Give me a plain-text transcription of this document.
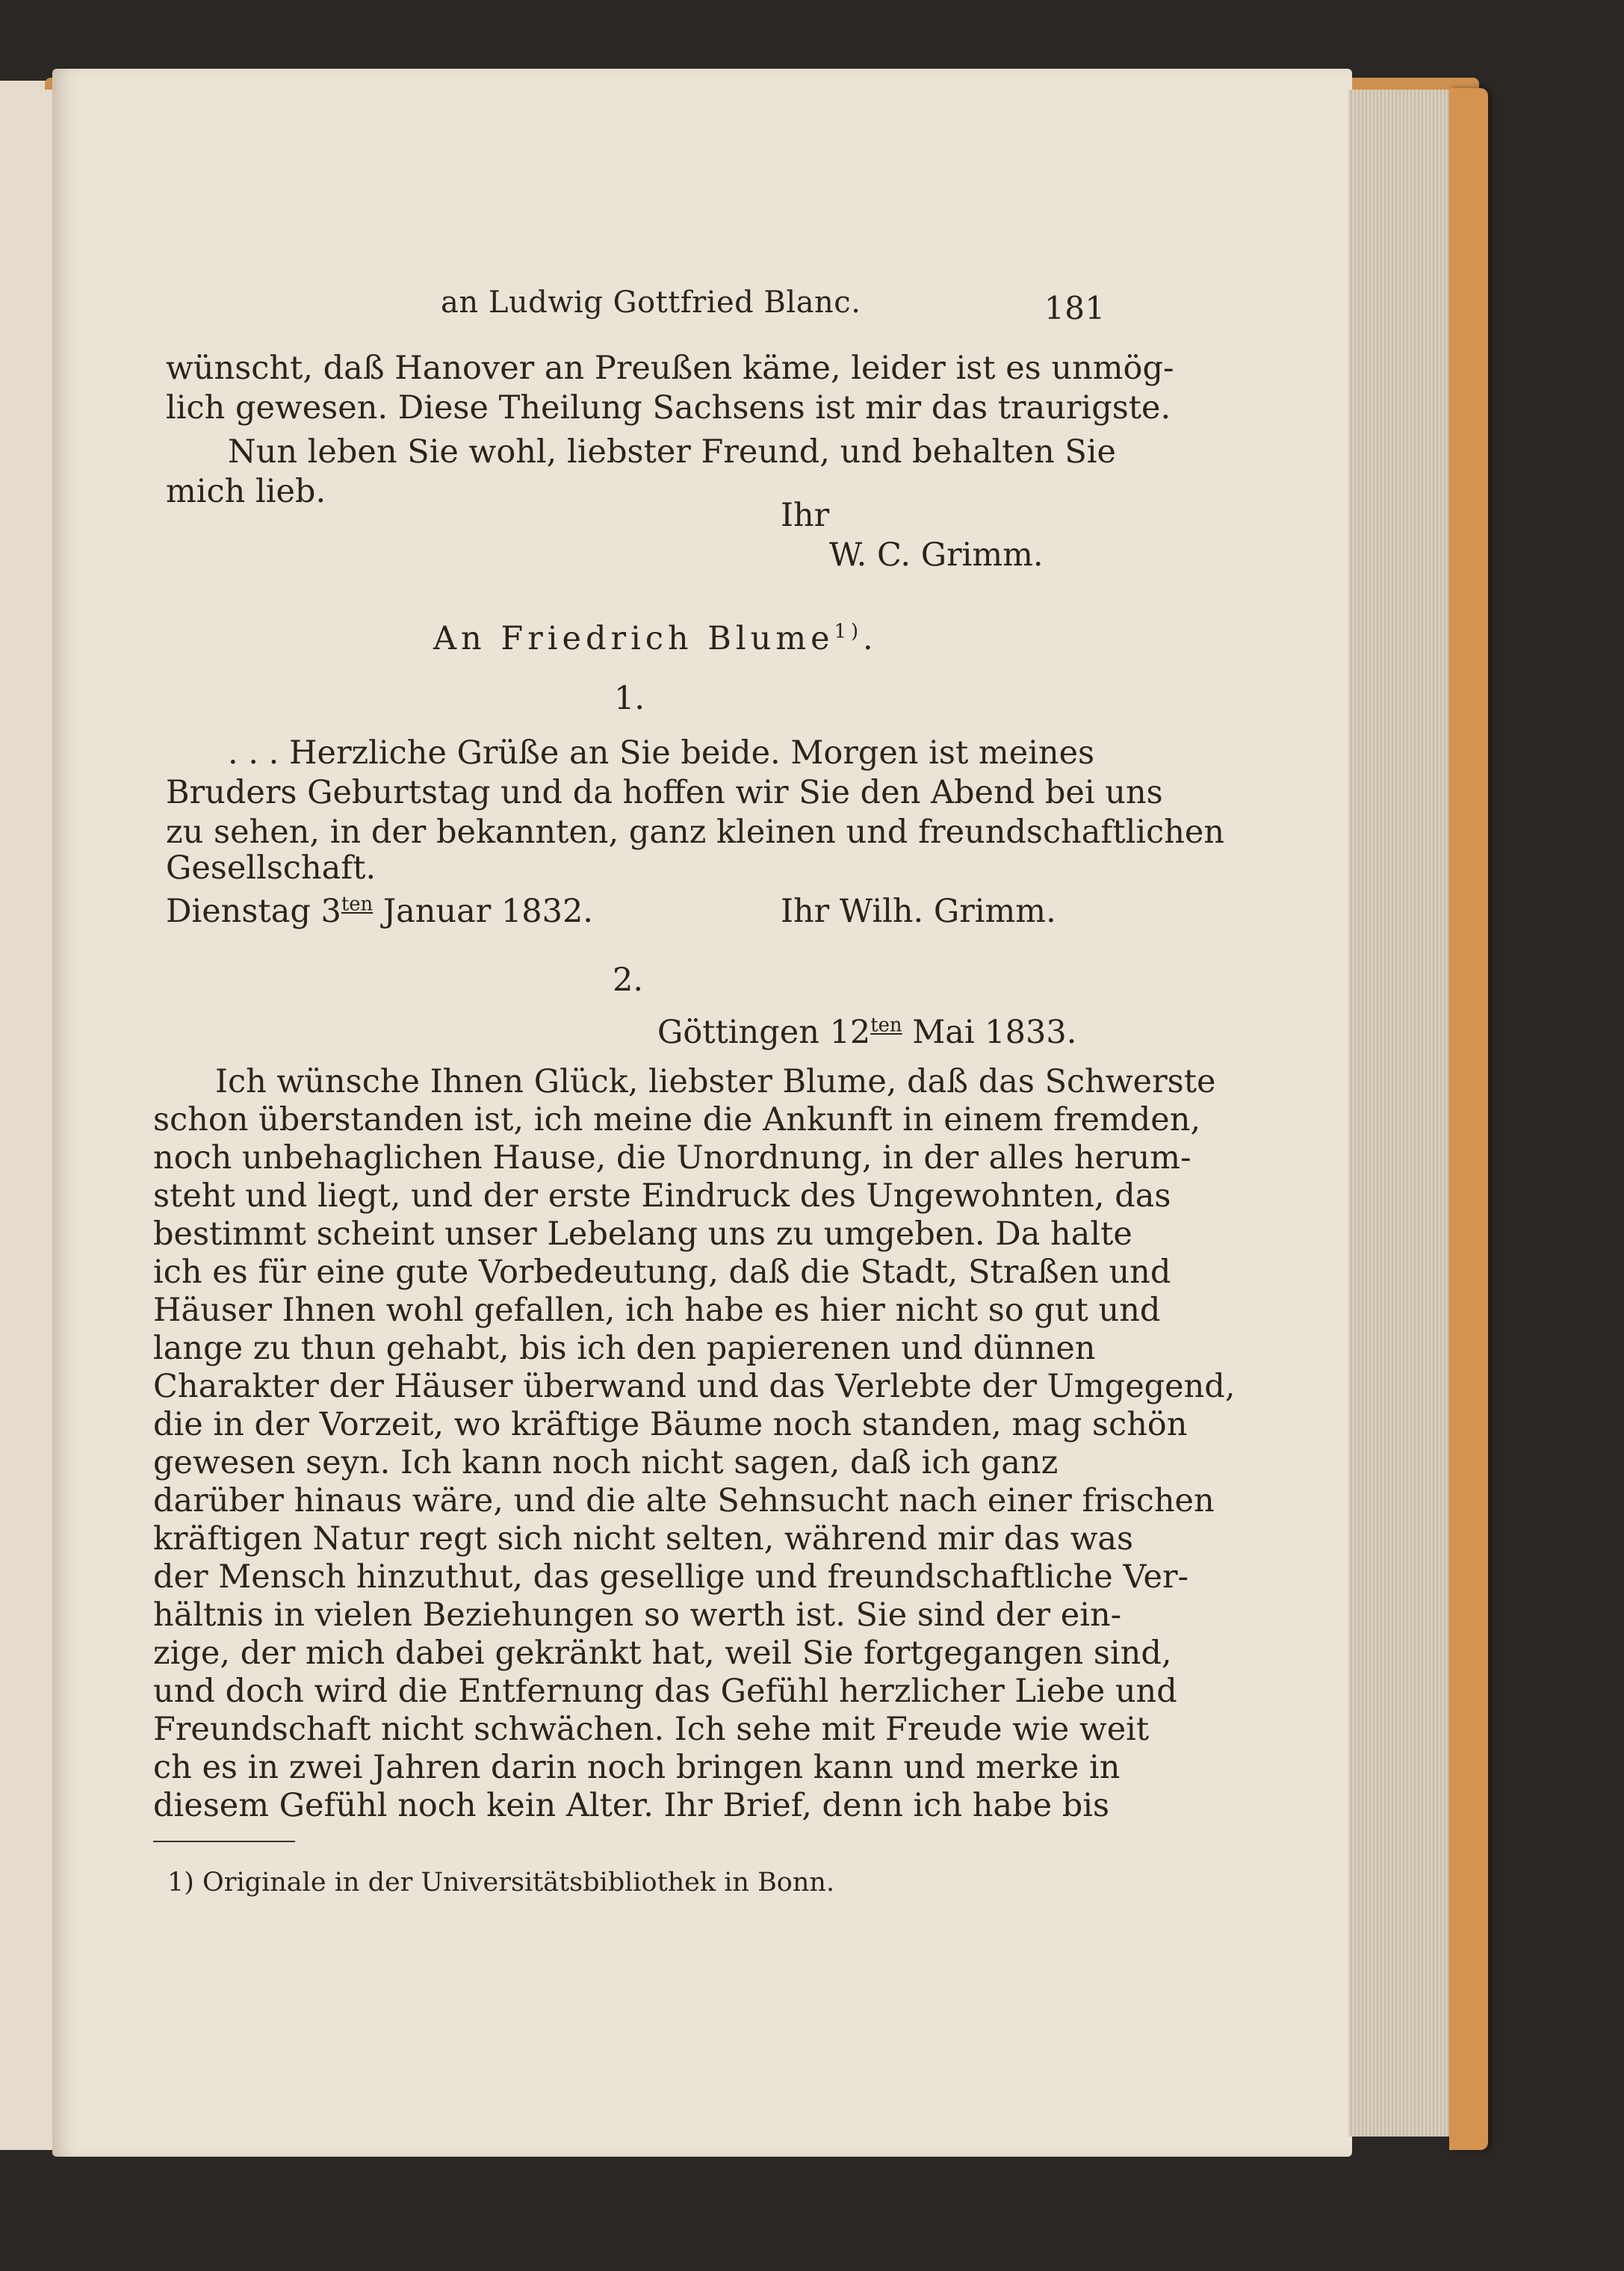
an Ludwig Gottfried Blanc.	181
wünscht, daß Hanover an Preußen käme, leider ist es unmög-
lich gewesen. Diese Theilung Sachsens ist mir das traurigste.
Nun leben Sie wohl, liebster Freund, und behalten Sie
mich lieb.
Ihr
W. C. Grimm.
An Friedrich Blume$^{1)}$.
1.
. . . Herzliche Grüße an Sie beide. Morgen ist meines
Bruders Geburtstag und da hoffen wir Sie den Abend bei uns
zu sehen, in der bekannten, ganz kleinen und freundschaftlichen
Gesellschaft.
Dienstag $3^{ten}$ Januar 1832.	Ihr Wilh. Grimm.
2.
Göttingen $12^{ten}$ Mai 1833.
Ich wünsche Ihnen Glück, liebster Blume, daß das Schwerste
schon überstanden ist, ich meine die Ankunft in einem fremden,
noch unbehaglichen Hause, die Unordnung, in der alles herum-
steht und liegt, und der erste Eindruck des Ungewohnten, das
bestimmt scheint unser Lebelang uns zu umgeben. Da halte
ich es für eine gute Vorbedeutung, daß die Stadt, Straßen und
Häuser Ihnen wohl gefallen, ich habe es hier nicht so gut und
lange zu thun gehabt, bis ich den papierenen und dünnen
Charakter der Häuser überwand und das Verlebte der Umgegend,
die in der Vorzeit, wo kräftige Bäume noch standen, mag schön
gewesen seyn. Ich kann noch nicht sagen, daß ich ganz
darüber hinaus wäre, und die alte Sehnsucht nach einer frischen
kräftigen Natur regt sich nicht selten, während mir das was
der Mensch hinzuthut, das gesellige und freundschaftliche Ver-
hältnis in vielen Beziehungen so werth ist. Sie sind der ein-
zige, der mich dabei gekränkt hat, weil Sie fortgegangen sind,
und doch wird die Entfernung das Gefühl herzlicher Liebe und
Freundschaft nicht schwächen. Ich sehe mit Freude wie weit
ch es in zwei Jahren darin noch bringen kann und merke in
diesem Gefühl noch kein Alter. Ihr Brief, denn ich habe bis
1) Originale in der Universitätsbibliothek in Bonn.
